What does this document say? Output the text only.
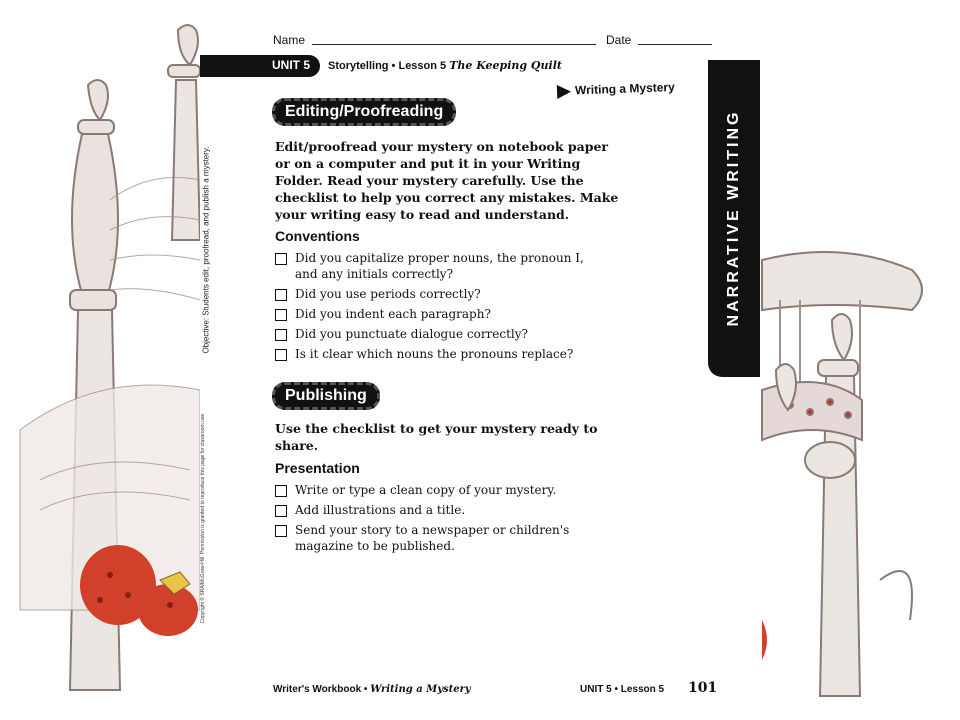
Name	Date
UNIT 5 Storytelling • Lesson 5 The Keeping Quilt
Writing a Mystery
NARRATIVE WRITING
Objective: Students edit, proofread, and publish a mystery.
Copyright © SRA/McGraw-Hill. Permission is granted to reproduce this page for classroom use.
Editing/Proofreading
Edit/proofread your mystery on notebook paper
or on a computer and put it in your Writing
Folder. Read your mystery carefully. Use the
checklist to help you correct any mistakes. Make
your writing easy to read and understand.
Conventions
Did you capitalize proper nouns, the pronoun I,
and any initials correctly?
Did you use periods correctly?
Did you indent each paragraph?
Did you punctuate dialogue correctly?
Is it clear which nouns the pronouns replace?
Publishing
Use the checklist to get your mystery ready to
share.
Presentation
Write or type a clean copy of your mystery.
Add illustrations and a title.
Send your story to a newspaper or children's
magazine to be published.
Writer's Workbook • Writing a Mystery	UNIT 5 • Lesson 5 101
